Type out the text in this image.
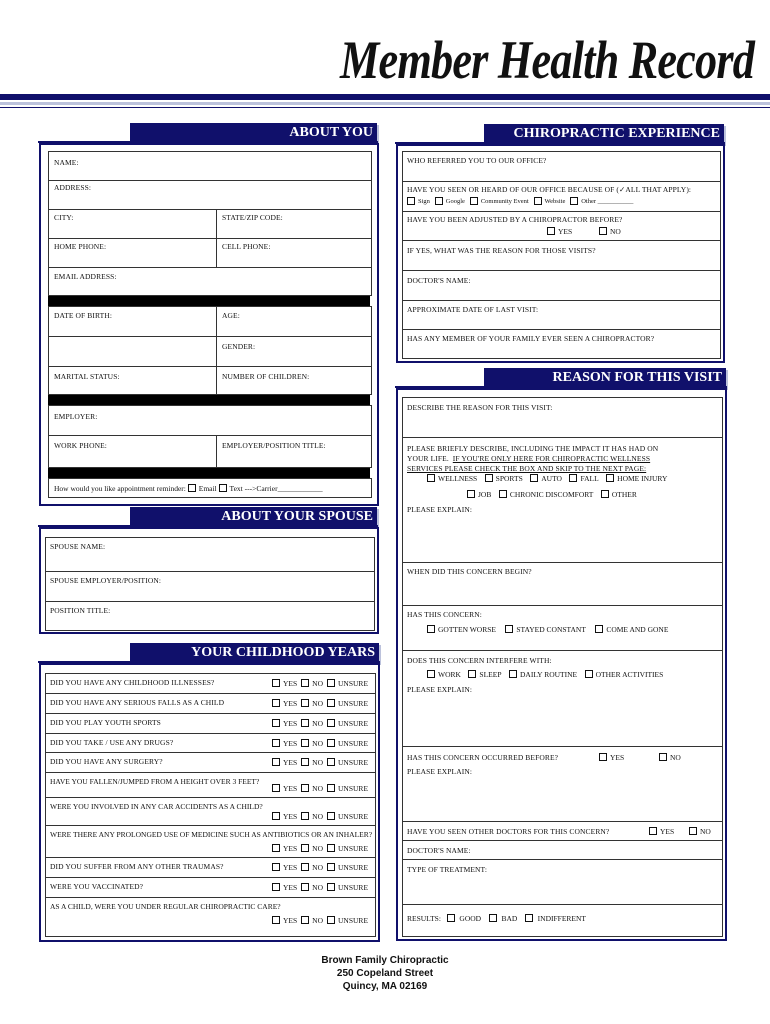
Member Health Record
ABOUT YOU
NAME:
ADDRESS:
CITY:	STATE/ZIP CODE:
HOME PHONE:	CELL PHONE:
EMAIL ADDRESS:
DATE OF BIRTH:	AGE:
GENDER:
MARITAL STATUS:	NUMBER OF CHILDREN:
EMPLOYER:
WORK PHONE:	EMPLOYER/POSITION TITLE:
How would you like appointment reminder: Email Text --->Carrier____________
ABOUT YOUR SPOUSE
SPOUSE NAME:
SPOUSE EMPLOYER/POSITION:
POSITION TITLE:
YOUR CHILDHOOD YEARS
DID YOU HAVE ANY CHILDHOOD ILLNESSES?	YES NO UNSURE
DID YOU HAVE ANY SERIOUS FALLS AS A CHILD	YES NO UNSURE
DID YOU PLAY YOUTH SPORTS	YES NO UNSURE
DID YOU TAKE / USE ANY DRUGS?	YES NO UNSURE
DID YOU HAVE ANY SURGERY?	YES NO UNSURE
HAVE YOU FALLEN/JUMPED FROM A HEIGHT OVER 3 FEET?
YES NO UNSURE
WERE YOU INVOLVED IN ANY CAR ACCIDENTS AS A CHILD?
YES NO UNSURE
WERE THERE ANY PROLONGED USE OF MEDICINE SUCH AS ANTIBIOTICS OR AN INHALER?
YES NO UNSURE
DID YOU SUFFER FROM ANY OTHER TRAUMAS?	YES NO UNSURE
WERE YOU VACCINATED?	YES NO UNSURE
AS A CHILD, WERE YOU UNDER REGULAR CHIROPRACTIC CARE?
YES NO UNSURE
CHIROPRACTIC EXPERIENCE
WHO REFERRED YOU TO OUR OFFICE?
HAVE YOU SEEN OR HEARD OF OUR OFFICE BECAUSE OF (✓ALL THAT APPLY):
Sign Google Community Event Website Other ___________
HAVE YOU BEEN ADJUSTED BY A CHIROPRACTOR BEFORE?
YES	NO
IF YES, WHAT WAS THE REASON FOR THOSE VISITS?
DOCTOR'S NAME:
APPROXIMATE DATE OF LAST VISIT:
HAS ANY MEMBER OF YOUR FAMILY EVER SEEN A CHIROPRACTOR?
REASON FOR THIS VISIT
DESCRIBE THE REASON FOR THIS VISIT:
PLEASE BRIEFLY DESCRIBE, INCLUDING THE IMPACT IT HAS HAD ON
YOUR LIFE. IF YOU'RE ONLY HERE FOR CHIROPRACTIC WELLNESS
SERVICES PLEASE CHECK THE BOX AND SKIP TO THE NEXT PAGE:
WELLNESS SPORTS AUTO FALL HOME INJURY
JOB CHRONIC DISCOMFORT OTHER
PLEASE EXPLAIN:
WHEN DID THIS CONCERN BEGIN?
HAS THIS CONCERN:
GOTTEN WORSE	STAYED CONSTANT	COME AND GONE
DOES THIS CONCERN INTERFERE WITH:
WORK SLEEP DAILY ROUTINE OTHER ACTIVITIES
PLEASE EXPLAIN:
HAS THIS CONCERN OCCURRED BEFORE?	YES	NO
PLEASE EXPLAIN:
HAVE YOU SEEN OTHER DOCTORS FOR THIS CONCERN?	YES	NO
DOCTOR'S NAME:
TYPE OF TREATMENT:
RESULTS: GOOD	BAD	INDIFFERENT
Brown Family Chiropractic
250 Copeland Street
Quincy, MA 02169
